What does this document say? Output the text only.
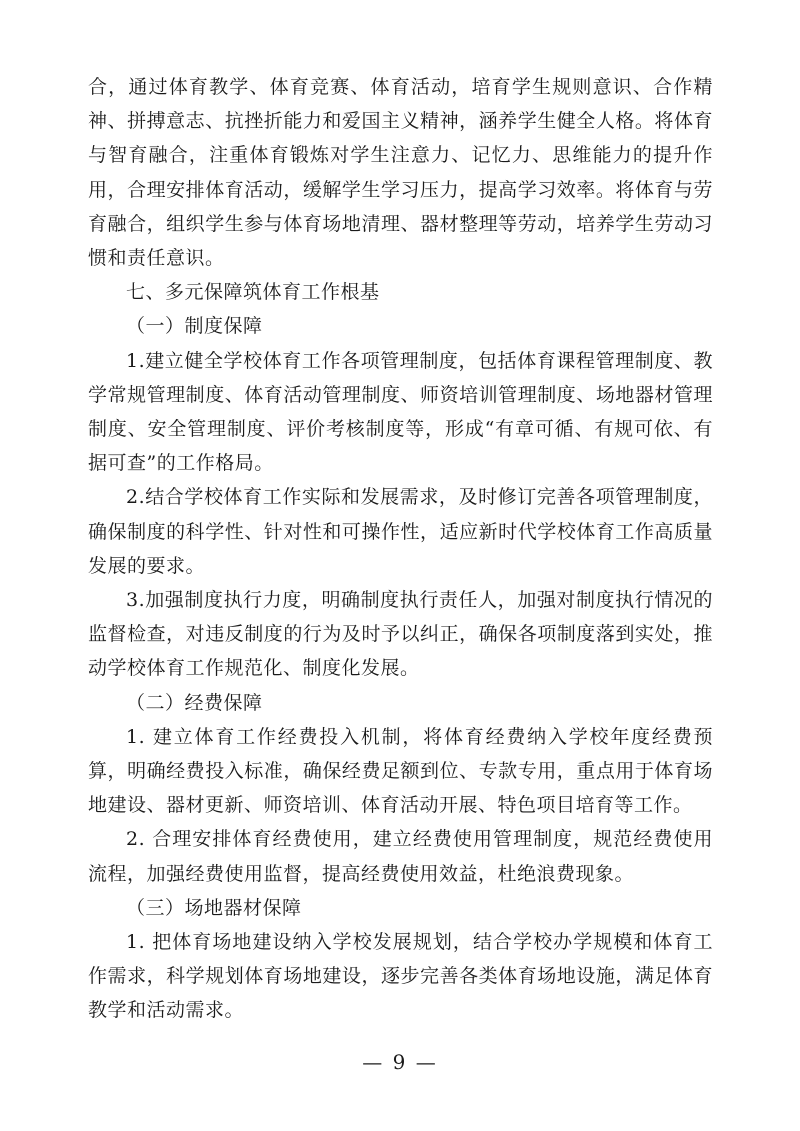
合，通过体育教学、体育竞赛、体育活动，培育学生规则意识、合作精神、拼搏意志、抗挫折能力和爱国主义精神，涵养学生健全人格。将体育与智育融合，注重体育锻炼对学生注意力、记忆力、思维能力的提升作用，合理安排体育活动，缓解学生学习压力，提高学习效率。将体育与劳育融合，组织学生参与体育场地清理、器材整理等劳动，培养学生劳动习惯和责任意识。

七、多元保障筑体育工作根基

（一）制度保障

1.建立健全学校体育工作各项管理制度，包括体育课程管理制度、教学常规管理制度、体育活动管理制度、师资培训管理制度、场地器材管理制度、安全管理制度、评价考核制度等，形成“有章可循、有规可依、有据可查”的工作格局。

2.结合学校体育工作实际和发展需求，及时修订完善各项管理制度，确保制度的科学性、针对性和可操作性，适应新时代学校体育工作高质量发展的要求。

3.加强制度执行力度，明确制度执行责任人，加强对制度执行情况的监督检查，对违反制度的行为及时予以纠正，确保各项制度落到实处，推动学校体育工作规范化、制度化发展。

（二）经费保障

1. 建立体育工作经费投入机制，将体育经费纳入学校年度经费预算，明确经费投入标准，确保经费足额到位、专款专用，重点用于体育场地建设、器材更新、师资培训、体育活动开展、特色项目培育等工作。

2. 合理安排体育经费使用，建立经费使用管理制度，规范经费使用流程，加强经费使用监督，提高经费使用效益，杜绝浪费现象。

（三）场地器材保障

1. 把体育场地建设纳入学校发展规划，结合学校办学规模和体育工作需求，科学规划体育场地建设，逐步完善各类体育场地设施，满足体育教学和活动需求。

— 9 —
